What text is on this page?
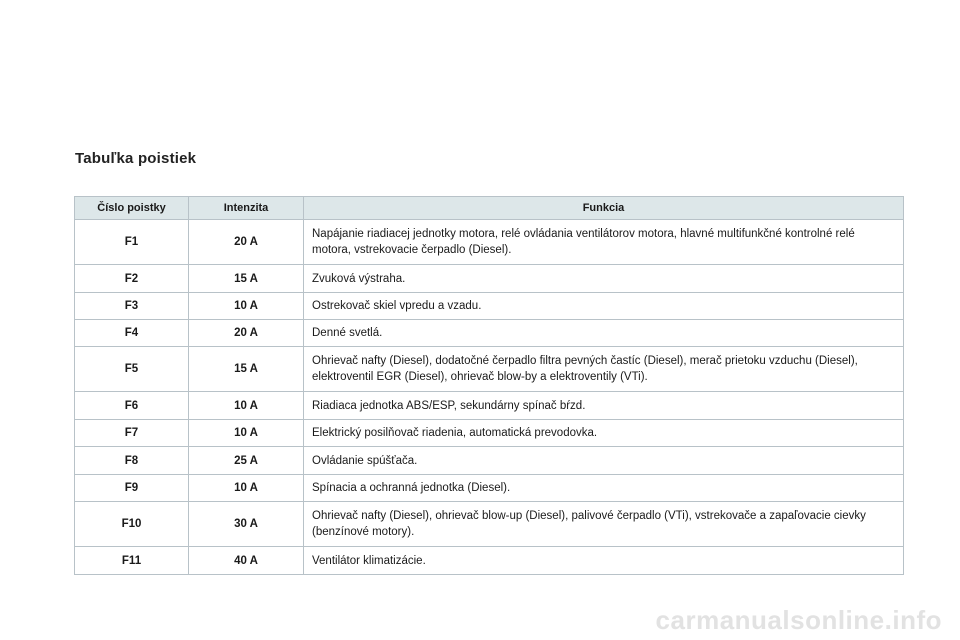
Tabuľka poistiek
Číslo poistky	Intenzita	Funkcia
F1	20 A	Napájanie riadiacej jednotky motora, relé ovládania ventilátorov motora, hlavné multifunkčné kontrolné relé motora, vstrekovacie čerpadlo (Diesel).
F2	15 A	Zvuková výstraha.
F3	10 A	Ostrekovač skiel vpredu a vzadu.
F4	20 A	Denné svetlá.
F5	15 A	Ohrievač nafty (Diesel), dodatočné čerpadlo filtra pevných častíc (Diesel), merač prietoku vzduchu (Diesel), elektroventil EGR (Diesel), ohrievač blow-by a elektroventily (VTi).
F6	10 A	Riadiaca jednotka ABS/ESP, sekundárny spínač bŕzd.
F7	10 A	Elektrický posilňovač riadenia, automatická prevodovka.
F8	25 A	Ovládanie spúšťača.
F9	10 A	Spínacia a ochranná jednotka (Diesel).
F10	30 A	Ohrievač nafty (Diesel), ohrievač blow-up (Diesel), palivové čerpadlo (VTi), vstrekovače a zapaľovacie cievky (benzínové motory).
F11	40 A	Ventilátor klimatizácie.
carmanualsonline.info
